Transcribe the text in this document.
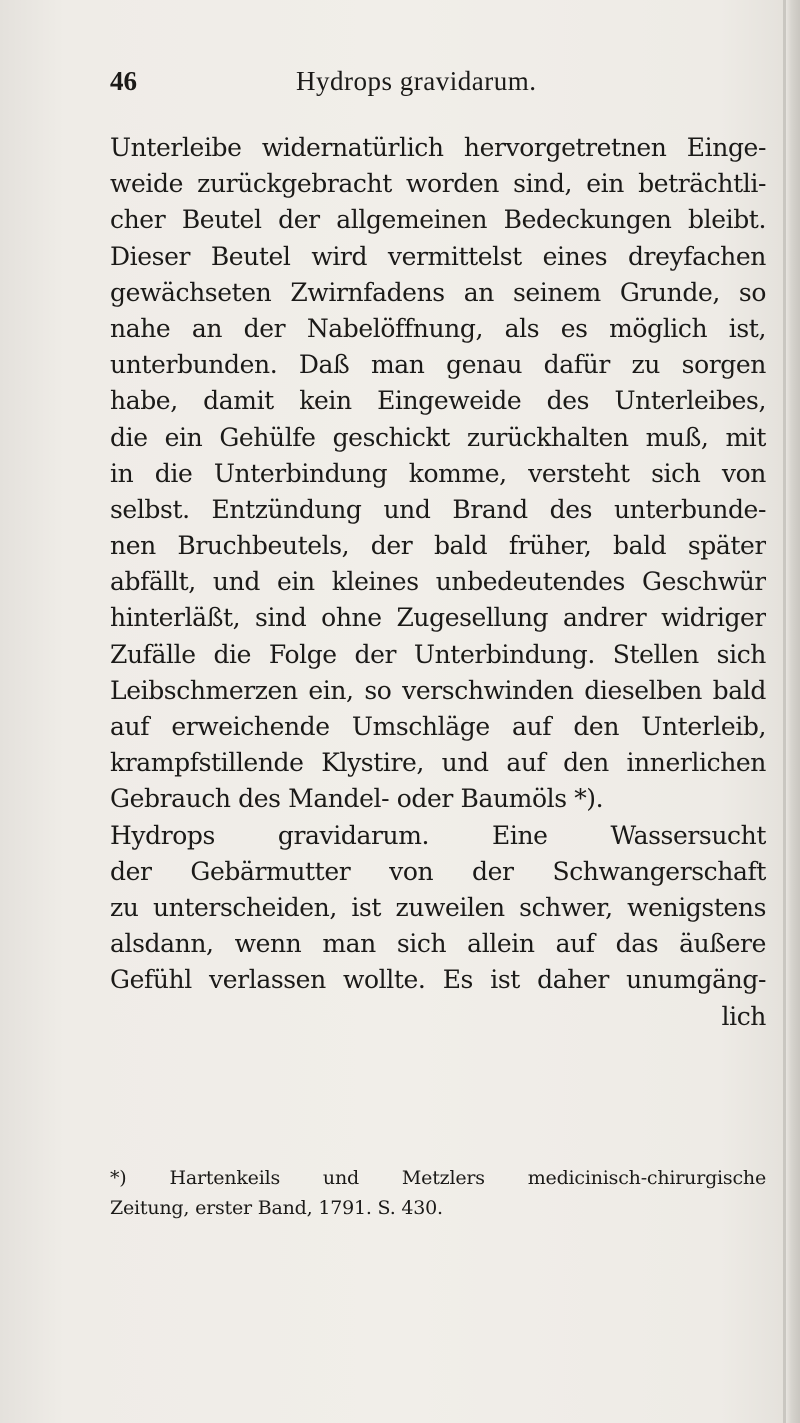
46	Hydrops gravidarum.
Unterleibe widernatürlich hervorgetretnen Einge-
weide zurückgebracht worden sind, ein beträchtli-
cher Beutel der allgemeinen Bedeckungen bleibt.
Dieser Beutel wird vermittelst eines dreyfachen
gewächseten Zwirnfadens an seinem Grunde, so
nahe an der Nabelöffnung, als es möglich ist,
unterbunden. Daß man genau dafür zu sorgen
habe, damit kein Eingeweide des Unterleibes,
die ein Gehülfe geschickt zurückhalten muß, mit
in die Unterbindung komme, versteht sich von
selbst. Entzündung und Brand des unterbunde-
nen Bruchbeutels, der bald früher, bald später
abfällt, und ein kleines unbedeutendes Geschwür
hinterläßt, sind ohne Zugesellung andrer widriger
Zufälle die Folge der Unterbindung. Stellen sich
Leibschmerzen ein, so verschwinden dieselben bald
auf erweichende Umschläge auf den Unterleib,
krampfstillende Klystire, und auf den innerlichen
Gebrauch des Mandel- oder Baumöls *).
Hydrops gravidarum. Eine Wassersucht
der Gebärmutter von der Schwangerschaft
zu unterscheiden, ist zuweilen schwer, wenigstens
alsdann, wenn man sich allein auf das äußere
Gefühl verlassen wollte. Es ist daher unumgäng-
lich
*) Hartenkeils und Metzlers medicinisch-chirurgische
Zeitung, erster Band, 1791. S. 430.
